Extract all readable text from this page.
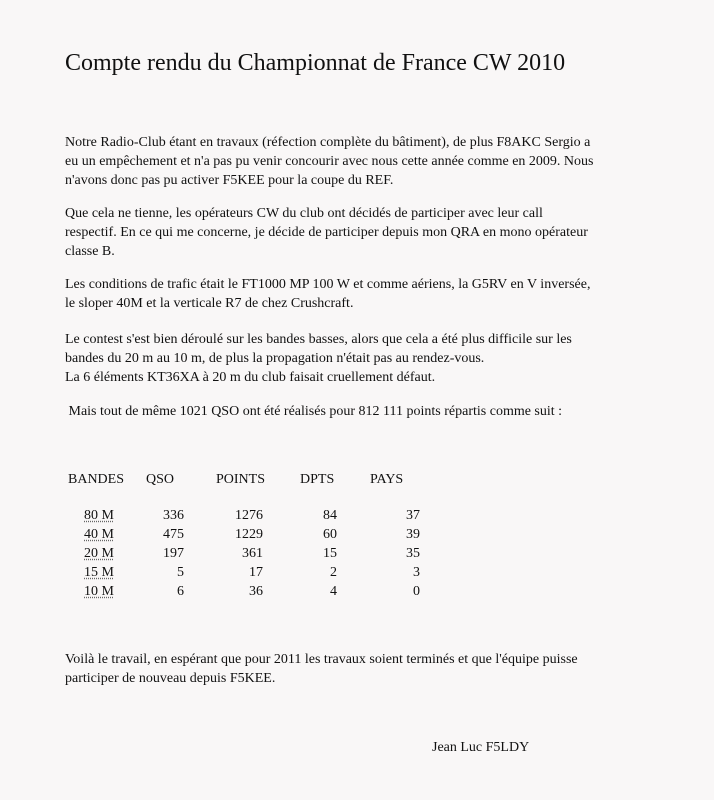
Compte rendu du Championnat de France CW 2010

Notre Radio-Club étant en travaux (réfection complète du bâtiment), de plus F8AKC Sergio a
eu un empêchement et n'a pas pu venir concourir avec nous cette année comme en 2009. Nous
n'avons donc pas pu activer F5KEE pour la coupe du REF.

Que cela ne tienne, les opérateurs CW du club ont décidés de participer avec leur call
respectif. En ce qui me concerne, je décide de participer depuis mon QRA en mono opérateur
classe B.

Les conditions de trafic était le FT1000 MP 100 W et comme aériens, la G5RV en V inversée,
le sloper 40M et la verticale R7 de chez Crushcraft.

Le contest s'est bien déroulé sur les bandes basses, alors que cela a été plus difficile sur les
bandes du 20 m au 10 m, de plus la propagation n'était pas au rendez-vous.
La 6 éléments KT36XA à 20 m du club faisait cruellement défaut.

Mais tout de même 1021 QSO ont été réalisés pour 812 111 points répartis comme suit :

BANDES	QSO	POINTS	DPTS	PAYS

80 M	336	1276	84	37
40 M	475	1229	60	39
20 M	197	361	15	35
15 M	5	17	2	3
10 M	6	36	4	0

Voilà le travail, en espérant que pour 2011 les travaux soient terminés et que l'équipe puisse
participer de nouveau depuis F5KEE.

Jean Luc F5LDY
